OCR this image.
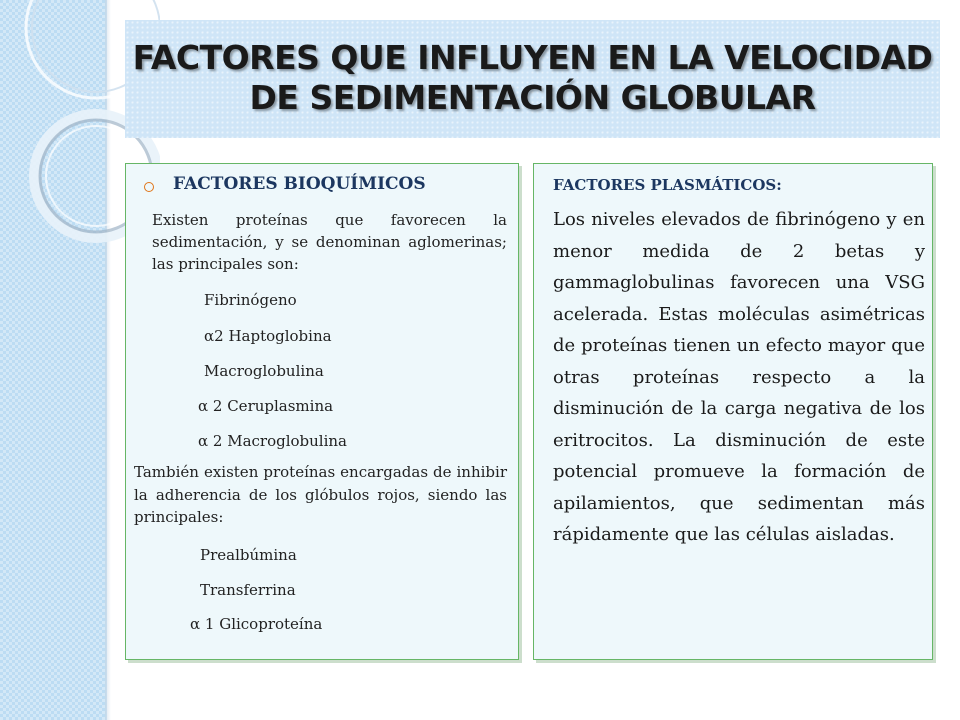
FACTORES QUE INFLUYEN EN LA VELOCIDAD DE SEDIMENTACIÓN GLOBULAR
FACTORES BIOQUÍMICOS

Existen proteínas que favorecen la sedimentación, y se denominan aglomerinas; las principales son:

Fibrinógeno
α2 Haptoglobina
Macroglobulina
α 2 Ceruplasmina
α 2 Macroglobulina

También existen proteínas encargadas de inhibir la adherencia de los glóbulos rojos, siendo las principales:

Prealbúmina
Transferrina
α 1 Glicoproteína
FACTORES PLASMÁTICOS:

Los niveles elevados de fibrinógeno y en menor medida de 2 betas y gammaglobulinas favorecen una VSG acelerada. Estas moléculas asimétricas de proteínas tienen un efecto mayor que otras proteínas respecto a la disminución de la carga negativa de los eritrocitos. La disminución de este potencial promueve la formación de apilamientos, que sedimentan más rápidamente que las células aisladas.
